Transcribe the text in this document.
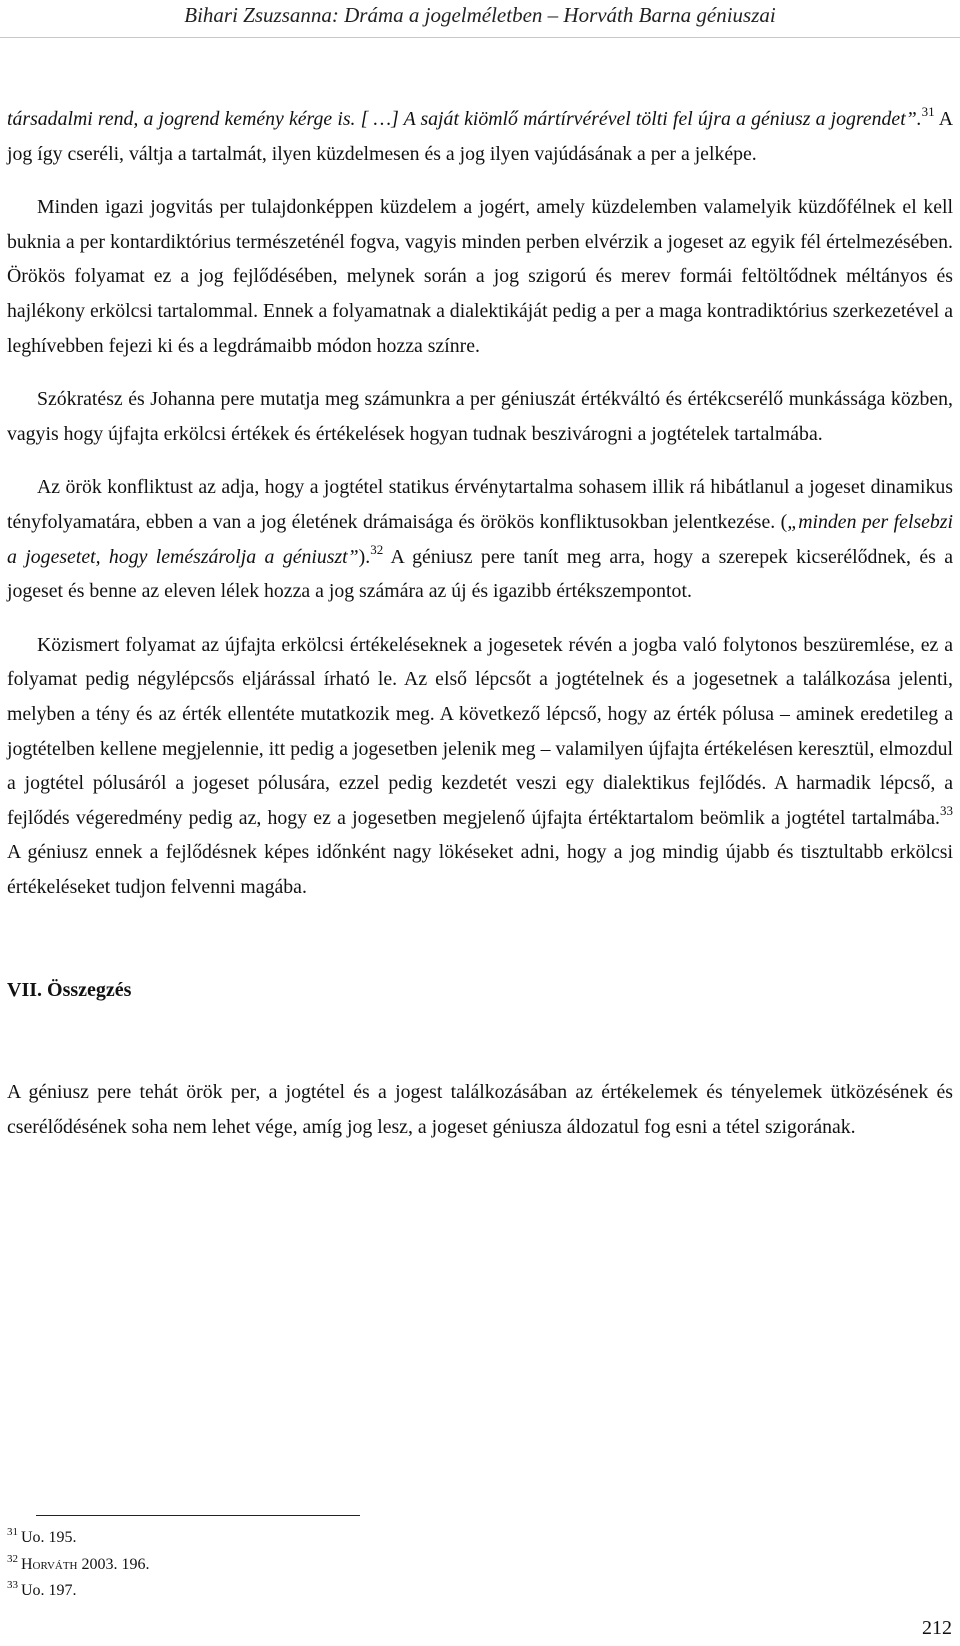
Bihari Zsuzsanna: Dráma a jogelméletben – Horváth Barna géniuszai

társadalmi rend, a jogrend kemény kérge is. [ …] A saját kiömlő mártírvérével tölti fel újra a géniusz a jogrendet”.$^{31}$ A jog így cseréli, váltja a tartalmát, ilyen küzdelmesen és a jog ilyen vajúdásának a per a jelképe.

Minden igazi jogvitás per tulajdonképpen küzdelem a jogért, amely küzdelemben valamelyik küzdőfélnek el kell buknia a per kontardiktórius természeténél fogva, vagyis minden perben elvérzik a jogeset az egyik fél értelmezésében. Örökös folyamat ez a jog fejlődésében, melynek során a jog szigorú és merev formái feltöltődnek méltányos és hajlékony erkölcsi tartalommal. Ennek a folyamatnak a dialektikáját pedig a per a maga kontradiktórius szerkezetével a leghívebben fejezi ki és a legdrámaibb módon hozza színre.

Szókratész és Johanna pere mutatja meg számunkra a per géniuszát értékváltó és értékcserélő munkássága közben, vagyis hogy újfajta erkölcsi értékek és értékelések hogyan tudnak beszivárogni a jogtételek tartalmába.

Az örök konfliktust az adja, hogy a jogtétel statikus érvénytartalma sohasem illik rá hibátlanul a jogeset dinamikus tényfolyamatára, ebben a van a jog életének drámaisága és örökös konfliktusokban jelentkezése. („minden per felsebzi a jogesetet, hogy lemészárolja a géniuszt”).$^{32}$ A géniusz pere tanít meg arra, hogy a szerepek kicserélődnek, és a jogeset és benne az eleven lélek hozza a jog számára az új és igazibb értékszempontot.

Közismert folyamat az újfajta erkölcsi értékeléseknek a jogesetek révén a jogba való folytonos beszüremlése, ez a folyamat pedig négylépcsős eljárással írható le. Az első lépcsőt a jogtételnek és a jogesetnek a találkozása jelenti, melyben a tény és az érték ellentéte mutatkozik meg. A következő lépcső, hogy az érték pólusa – aminek eredetileg a jogtételben kellene megjelennie, itt pedig a jogesetben jelenik meg – valamilyen újfajta értékelésen keresztül, elmozdul a jogtétel pólusáról a jogeset pólusára, ezzel pedig kezdetét veszi egy dialektikus fejlődés. A harmadik lépcső, a fejlődés végeredmény pedig az, hogy ez a jogesetben megjelenő újfajta értéktartalom beömlik a jogtétel tartalmába.$^{33}$ A géniusz ennek a fejlődésnek képes időnként nagy lökéseket adni, hogy a jog mindig újabb és tisztultabb erkölcsi értékeléseket tudjon felvenni magába.

VII. Összegzés

A géniusz pere tehát örök per, a jogtétel és a jogest találkozásában az értékelemek és tényelemek ütközésének és cserélődésének soha nem lehet vége, amíg jog lesz, a jogeset géniusza áldozatul fog esni a tétel szigorának.

$^{31}$ Uo. 195.
$^{32}$ Horváth 2003. 196.
$^{33}$ Uo. 197.
212
